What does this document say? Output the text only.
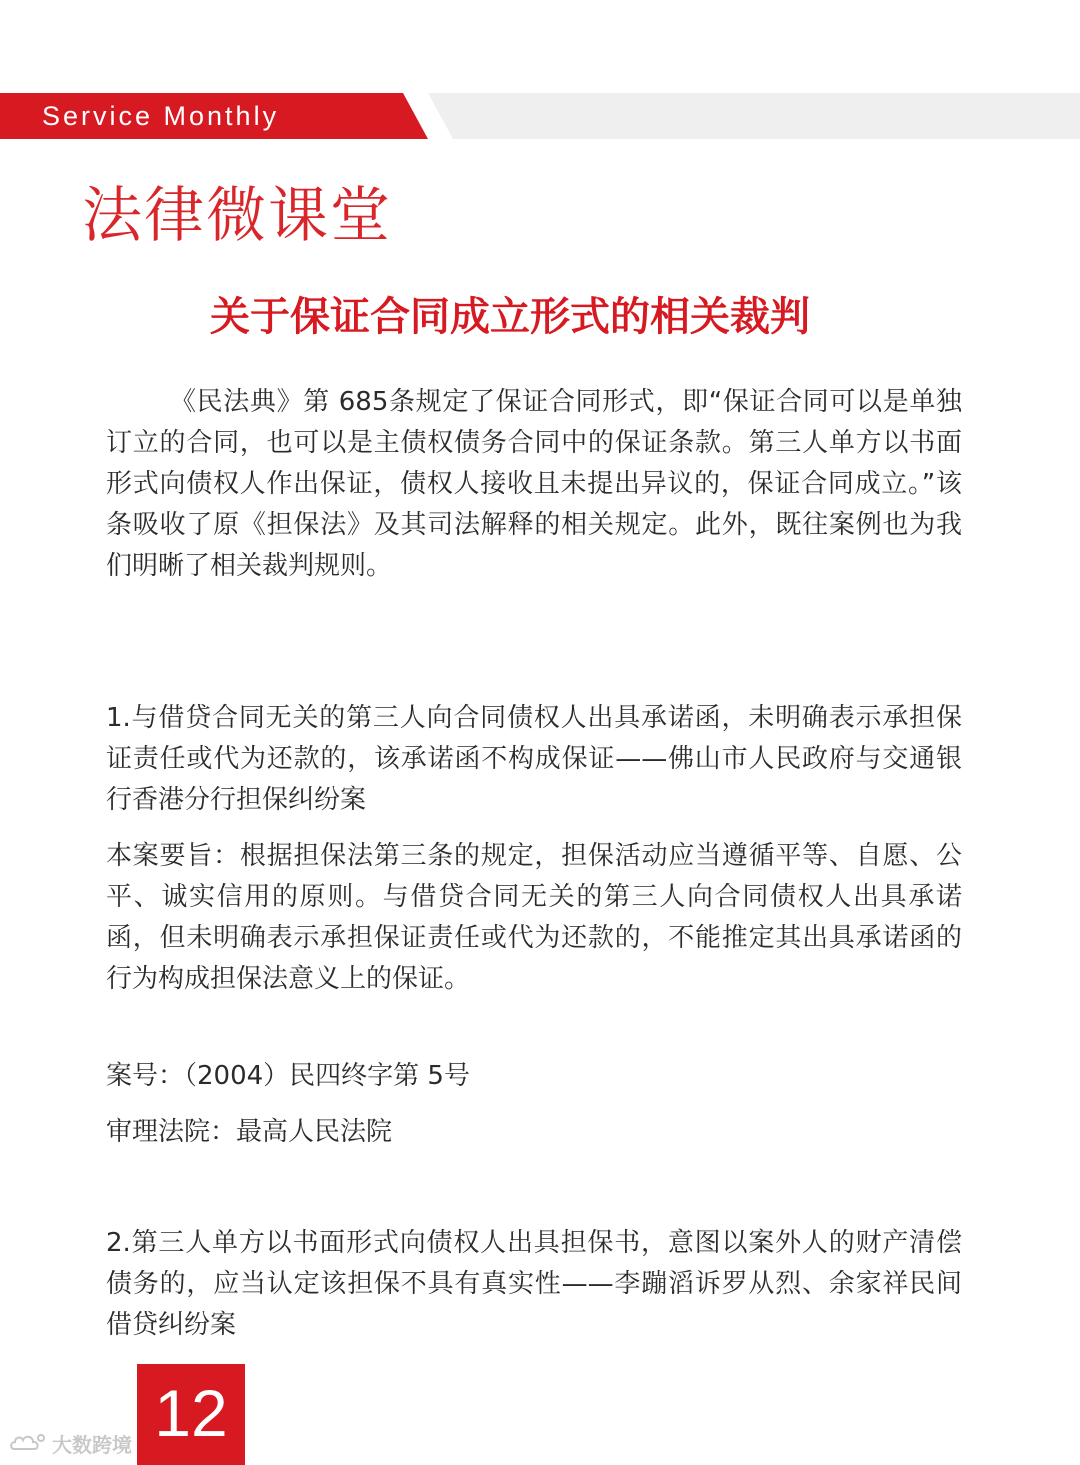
Service Monthly
法律微课堂
关于保证合同成立形式的相关裁判

《民法典》第 685条规定了保证合同形式，即“保证合同可以是单独订立的合同，也可以是主债权债务合同中的保证条款。第三人单方以书面形式向债权人作出保证，债权人接收且未提出异议的，保证合同成立。”该条吸收了原《担保法》及其司法解释的相关规定。此外，既往案例也为我们明晰了相关裁判规则。

1.与借贷合同无关的第三人向合同债权人出具承诺函，未明确表示承担保证责任或代为还款的，该承诺函不构成保证——佛山市人民政府与交通银行香港分行担保纠纷案

本案要旨：根据担保法第三条的规定，担保活动应当遵循平等、自愿、公平、诚实信用的原则。与借贷合同无关的第三人向合同债权人出具承诺函，但未明确表示承担保证责任或代为还款的，不能推定其出具承诺函的行为构成担保法意义上的保证。

案号：（2004）民四终字第 5号

审理法院：最高人民法院

2.第三人单方以书面形式向债权人出具担保书，意图以案外人的财产清偿债务的，应当认定该担保不具有真实性——李蹦滔诉罗从烈、余家祥民间借贷纠纷案

12
大数跨境
